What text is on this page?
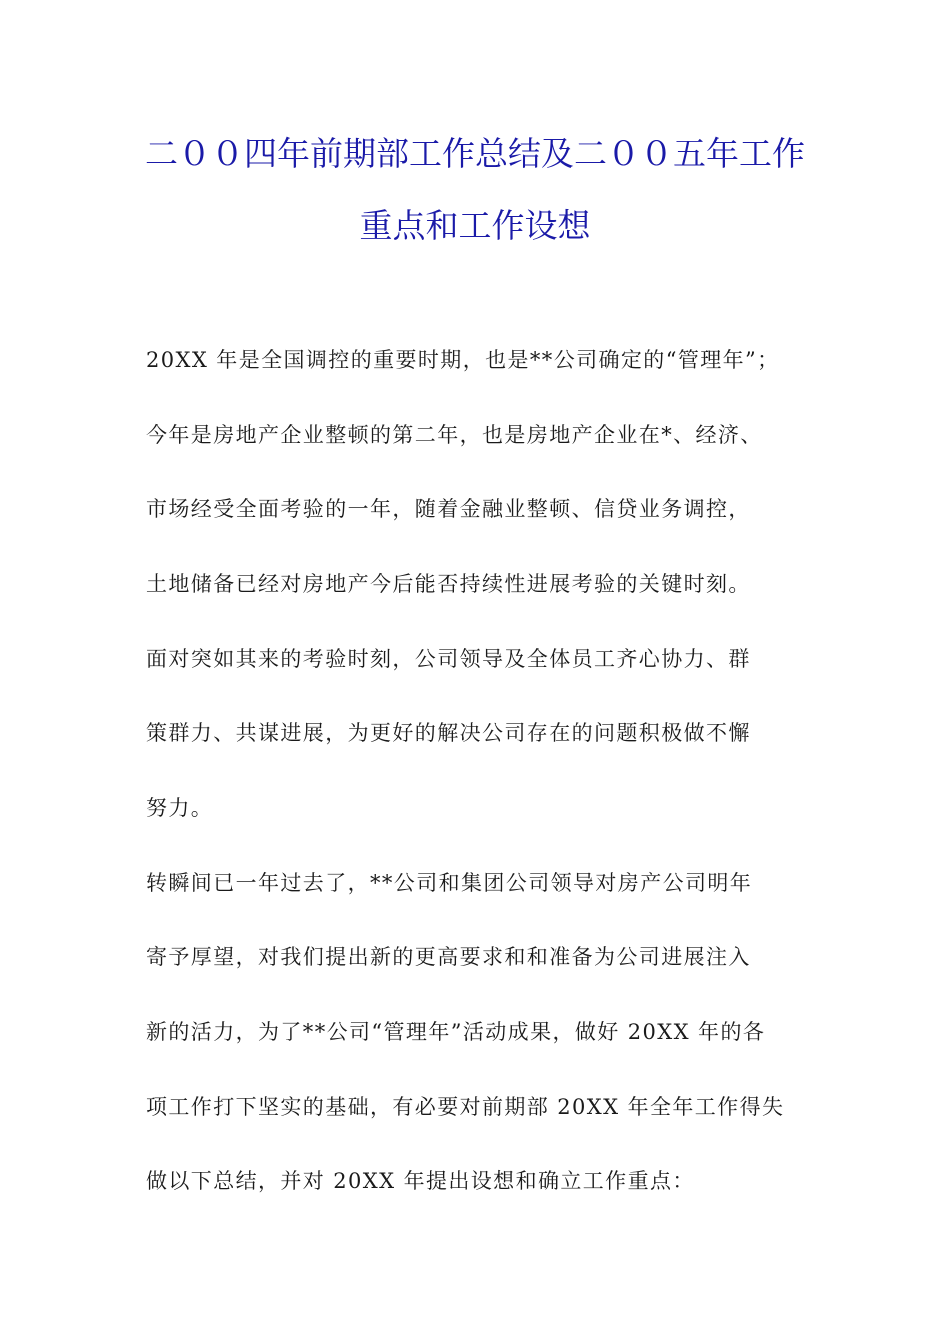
二００四年前期部工作总结及二００五年工作
重点和工作设想
20XX 年是全国调控的重要时期，也是**公司确定的“管理年”；
今年是房地产企业整顿的第二年，也是房地产企业在*、经济、
市场经受全面考验的一年，随着金融业整顿、信贷业务调控，
土地储备已经对房地产今后能否持续性进展考验的关键时刻。
面对突如其来的考验时刻，公司领导及全体员工齐心协力、群
策群力、共谋进展，为更好的解决公司存在的问题积极做不懈
努力。
转瞬间已一年过去了，**公司和集团公司领导对房产公司明年
寄予厚望，对我们提出新的更高要求和和准备为公司进展注入
新的活力，为了**公司“管理年”活动成果，做好 20XX 年的各
项工作打下坚实的基础，有必要对前期部 20XX 年全年工作得失
做以下总结，并对 20XX 年提出设想和确立工作重点：
